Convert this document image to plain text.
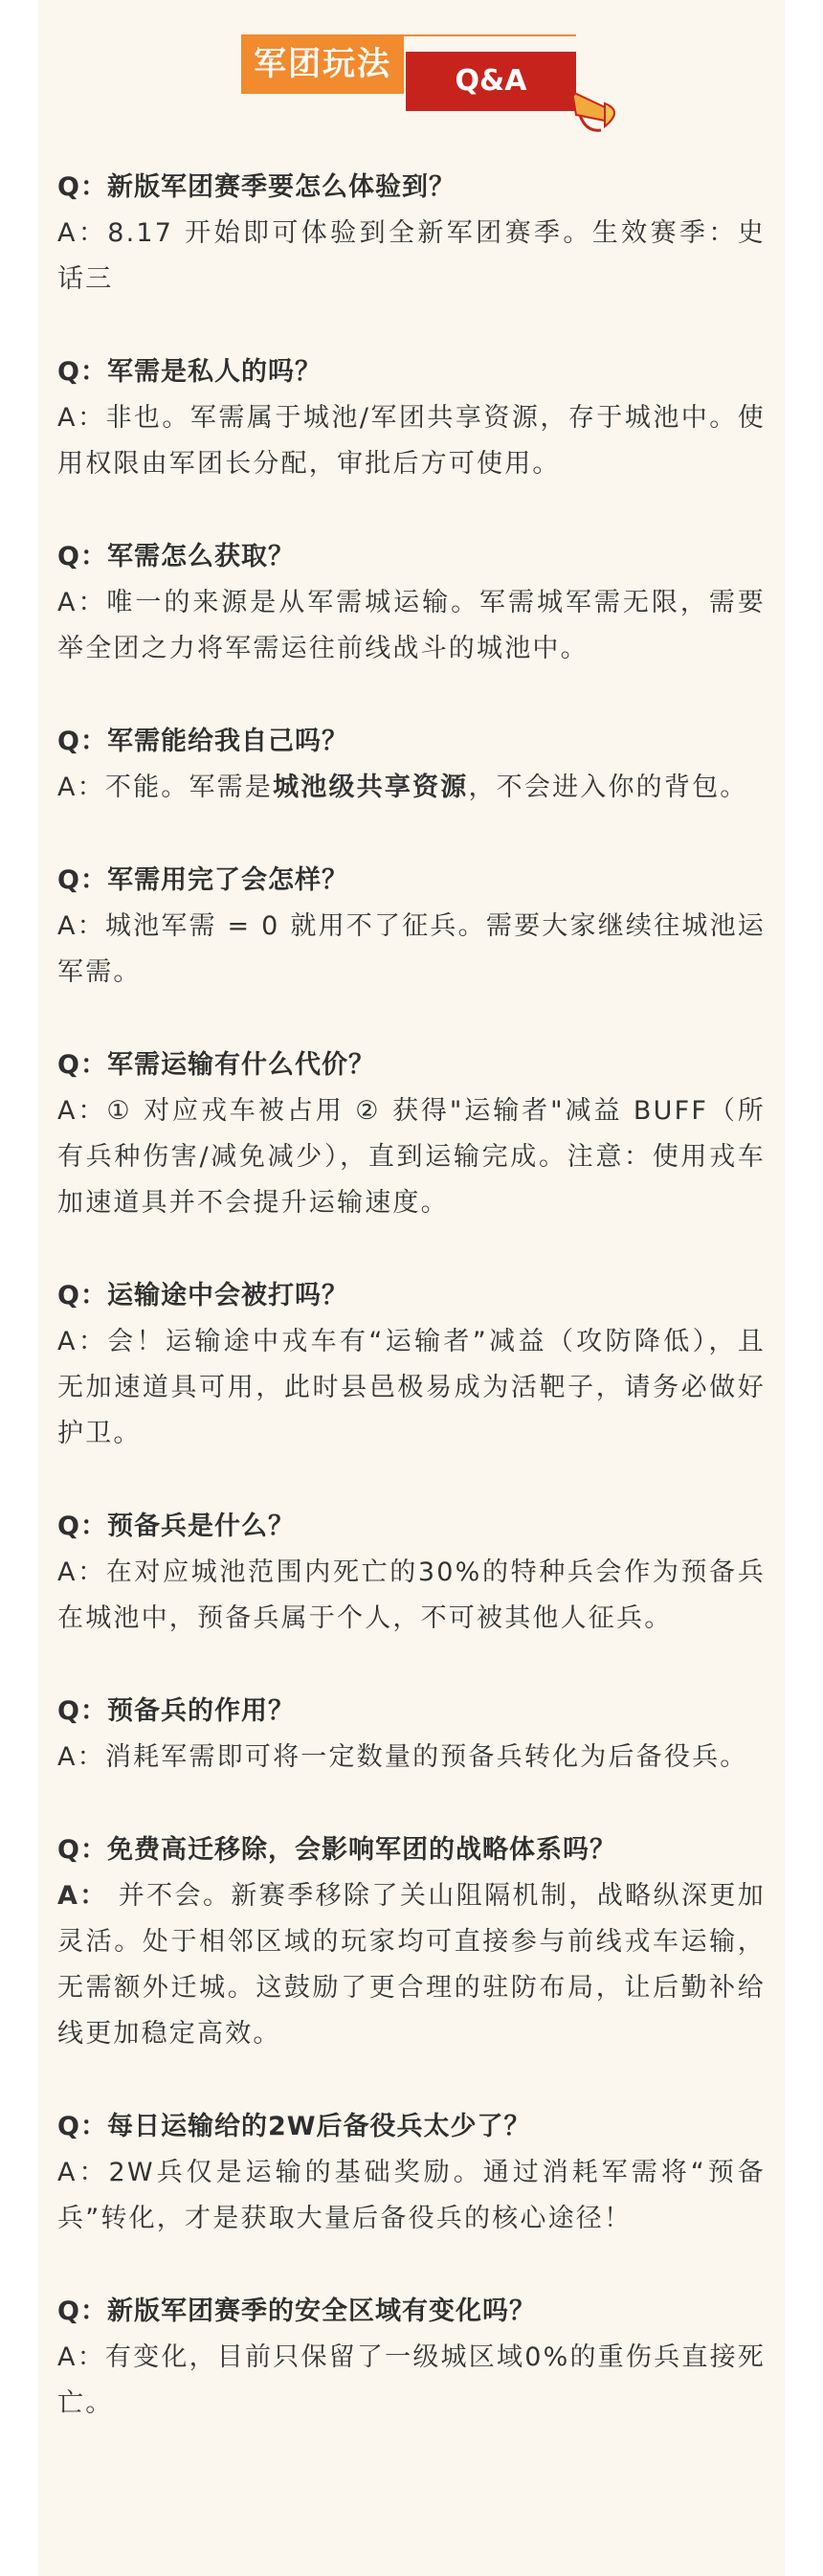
军团玩法	Q&A
Q：新版军团赛季要怎么体验到？
A：8.17 开始即可体验到全新军团赛季。生效赛季：史话三
Q：军需是私人的吗？
A：非也。军需属于城池/军团共享资源，存于城池中。使用权限由军团长分配，审批后方可使用。
Q：军需怎么获取？
A：唯一的来源是从军需城运输。军需城军需无限，需要举全团之力将军需运往前线战斗的城池中。
Q：军需能给我自己吗？
A：不能。军需是城池级共享资源，不会进入你的背包。
Q：军需用完了会怎样？
A：城池军需 = 0 就用不了征兵。需要大家继续往城池运军需。
Q：军需运输有什么代价？
A：① 对应戎车被占用 ② 获得"运输者"减益 BUFF（所有兵种伤害/减免减少），直到运输完成。注意：使用戎车加速道具并不会提升运输速度。
Q：运输途中会被打吗？
A：会！运输途中戎车有“运输者”减益（攻防降低），且无加速道具可用，此时县邑极易成为活靶子，请务必做好护卫。
Q：预备兵是什么？
A：在对应城池范围内死亡的30%的特种兵会作为预备兵在城池中，预备兵属于个人，不可被其他人征兵。
Q：预备兵的作用？
A：消耗军需即可将一定数量的预备兵转化为后备役兵。
Q：免费高迁移除，会影响军团的战略体系吗？
A： 并不会。新赛季移除了关山阻隔机制，战略纵深更加灵活。处于相邻区域的玩家均可直接参与前线戎车运输，无需额外迁城。这鼓励了更合理的驻防布局，让后勤补给线更加稳定高效。
Q：每日运输给的2W后备役兵太少了？
A：2W兵仅是运输的基础奖励。通过消耗军需将“预备兵”转化，才是获取大量后备役兵的核心途径！
Q：新版军团赛季的安全区域有变化吗？
A：有变化，目前只保留了一级城区域0%的重伤兵直接死亡。
